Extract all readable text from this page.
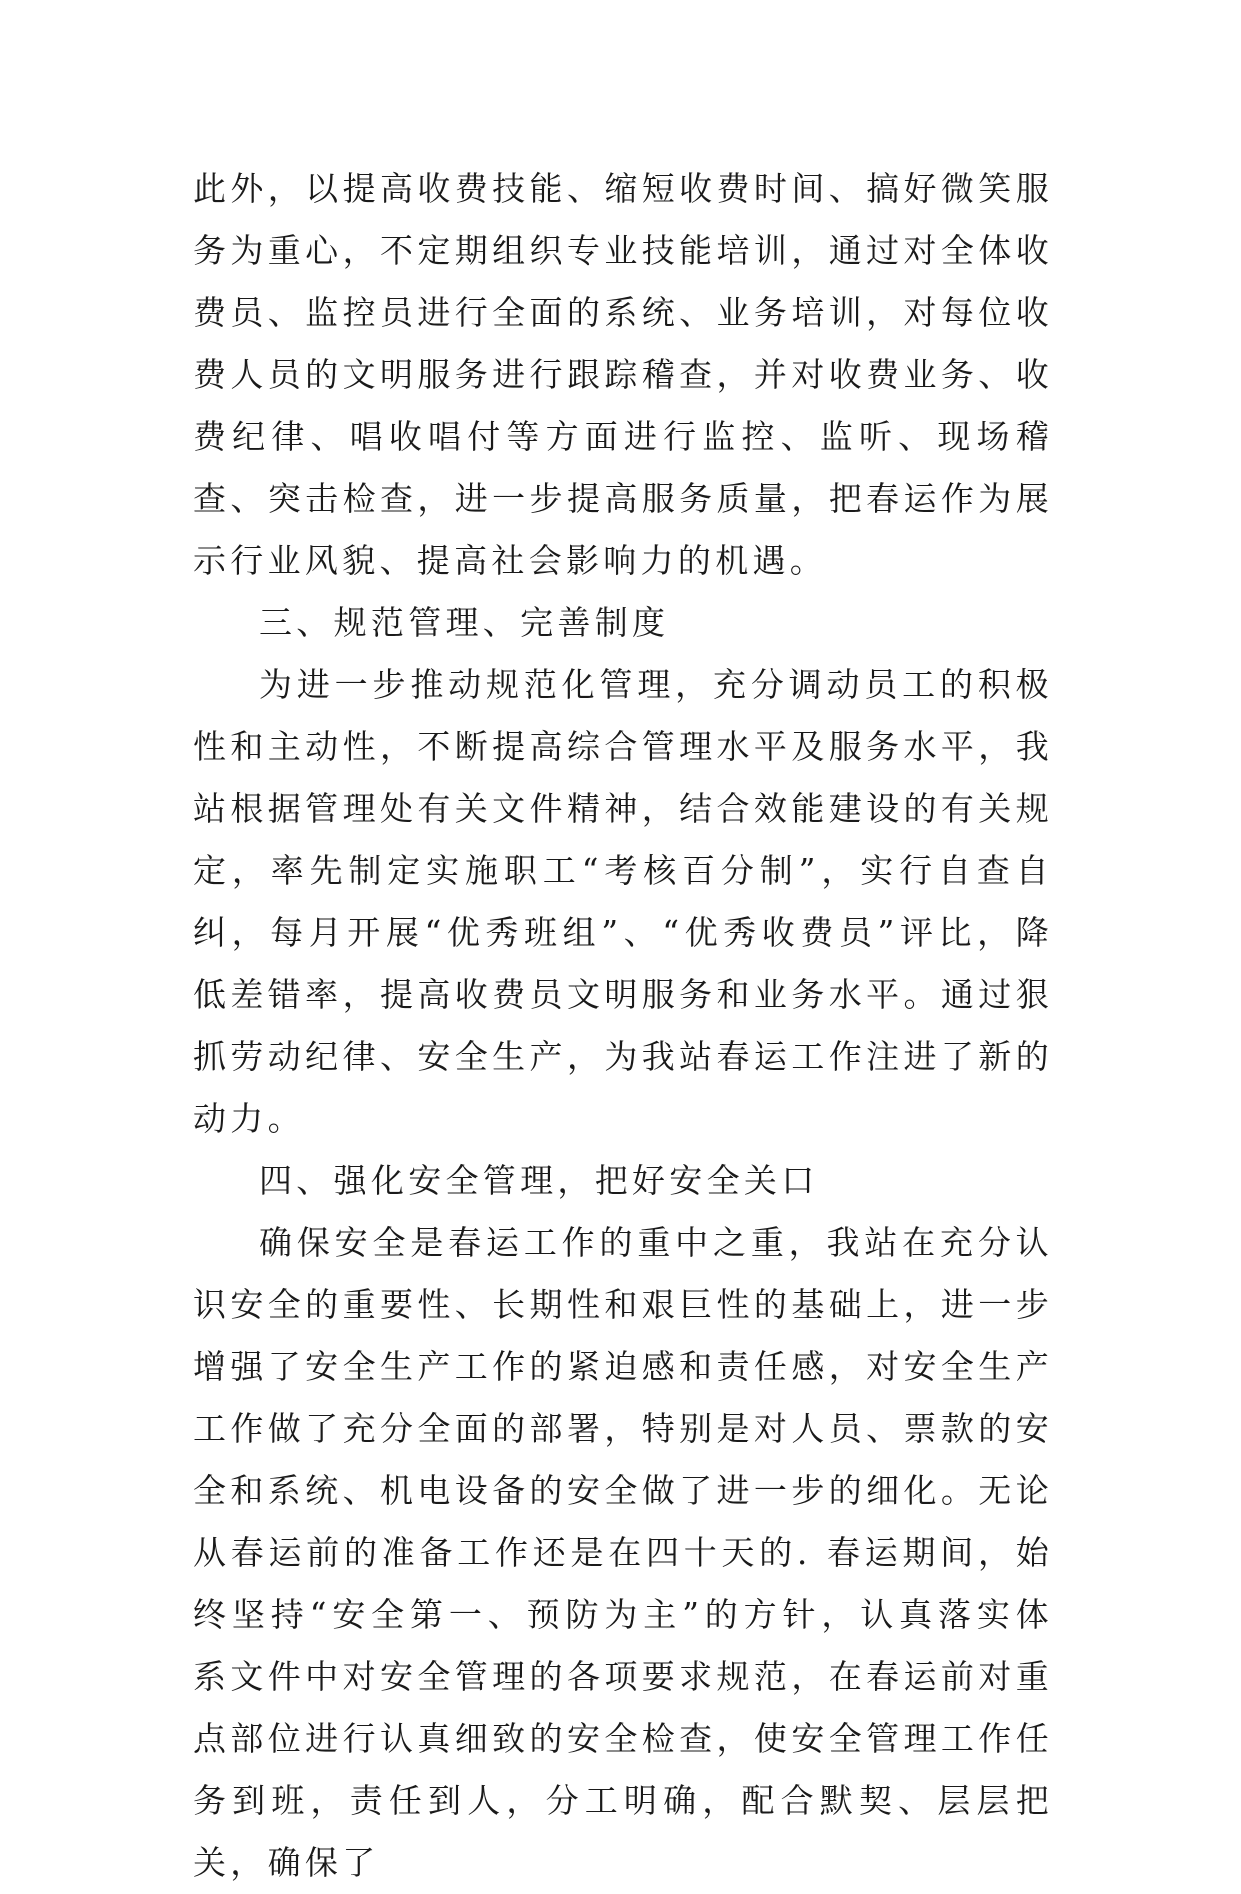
此外，以提高收费技能、缩短收费时间、搞好微笑服务为重心，不定期组织专业技能培训，通过对全体收费员、监控员进行全面的系统、业务培训，对每位收费人员的文明服务进行跟踪稽查，并对收费业务、收费纪律、唱收唱付等方面进行监控、监听、现场稽查、突击检查，进一步提高服务质量，把春运作为展示行业风貌、提高社会影响力的机遇。

三、规范管理、完善制度

为进一步推动规范化管理，充分调动员工的积极性和主动性，不断提高综合管理水平及服务水平，我站根据管理处有关文件精神，结合效能建设的有关规定，率先制定实施职工“考核百分制”，实行自查自纠，每月开展“优秀班组”、“优秀收费员”评比，降低差错率，提高收费员文明服务和业务水平。通过狠抓劳动纪律、安全生产，为我站春运工作注进了新的动力。

四、强化安全管理，把好安全关口

确保安全是春运工作的重中之重，我站在充分认识安全的重要性、长期性和艰巨性的基础上，进一步增强了安全生产工作的紧迫感和责任感，对安全生产工作做了充分全面的部署，特别是对人员、票款的安全和系统、机电设备的安全做了进一步的细化。无论从春运前的准备工作还是在四十天的. 春运期间，始终坚持“安全第一、预防为主”的方针，认真落实体系文件中对安全管理的各项要求规范，在春运前对重点部位进行认真细致的安全检查，使安全管理工作任务到班，责任到人，分工明确，配合默契、层层把关，确保了
